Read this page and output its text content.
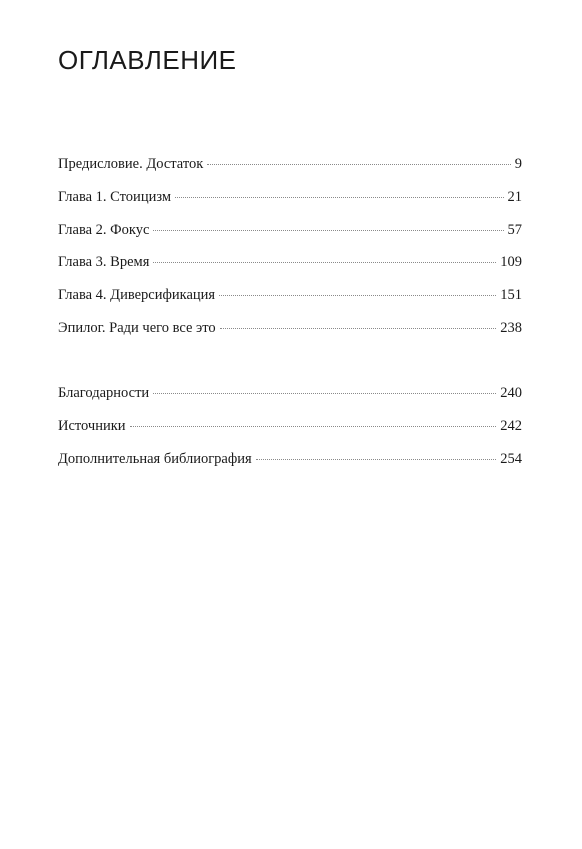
ОГЛАВЛЕНИЕ
Предисловие. Достаток	9
Глава 1. Стоицизм	21
Глава 2. Фокус	57
Глава 3. Время	109
Глава 4. Диверсификация	151
Эпилог. Ради чего все это	238
Благодарности	240
Источники	242
Дополнительная библиография	254
